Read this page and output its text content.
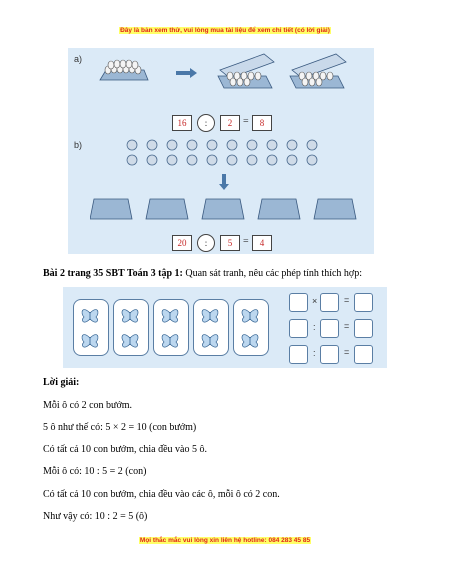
Đây là bản xem thử, vui lòng mua tài liệu để xem chi tiết (có lời giải)
a)
16	:	2	=	8
b)
20	:	5	=	4
Bài 2 trang 35 SBT Toán 3 tập 1: Quan sát tranh, nêu các phép tính thích hợp:
×	=
:	=
:	=
Lời giải:
Mỗi ô có 2 con bướm.
5 ô như thế có: 5 × 2 = 10 (con bướm)
Có tất cả 10 con bướm, chia đều vào 5 ô.
Mỗi ô có: 10 : 5 = 2 (con)
Có tất cả 10 con bướm, chia đều vào các ô, mỗi ô có 2 con.
Như vậy có: 10 : 2 = 5 (ô)
Mọi thắc mắc vui lòng xin liên hệ hotline: 084 283 45 85
